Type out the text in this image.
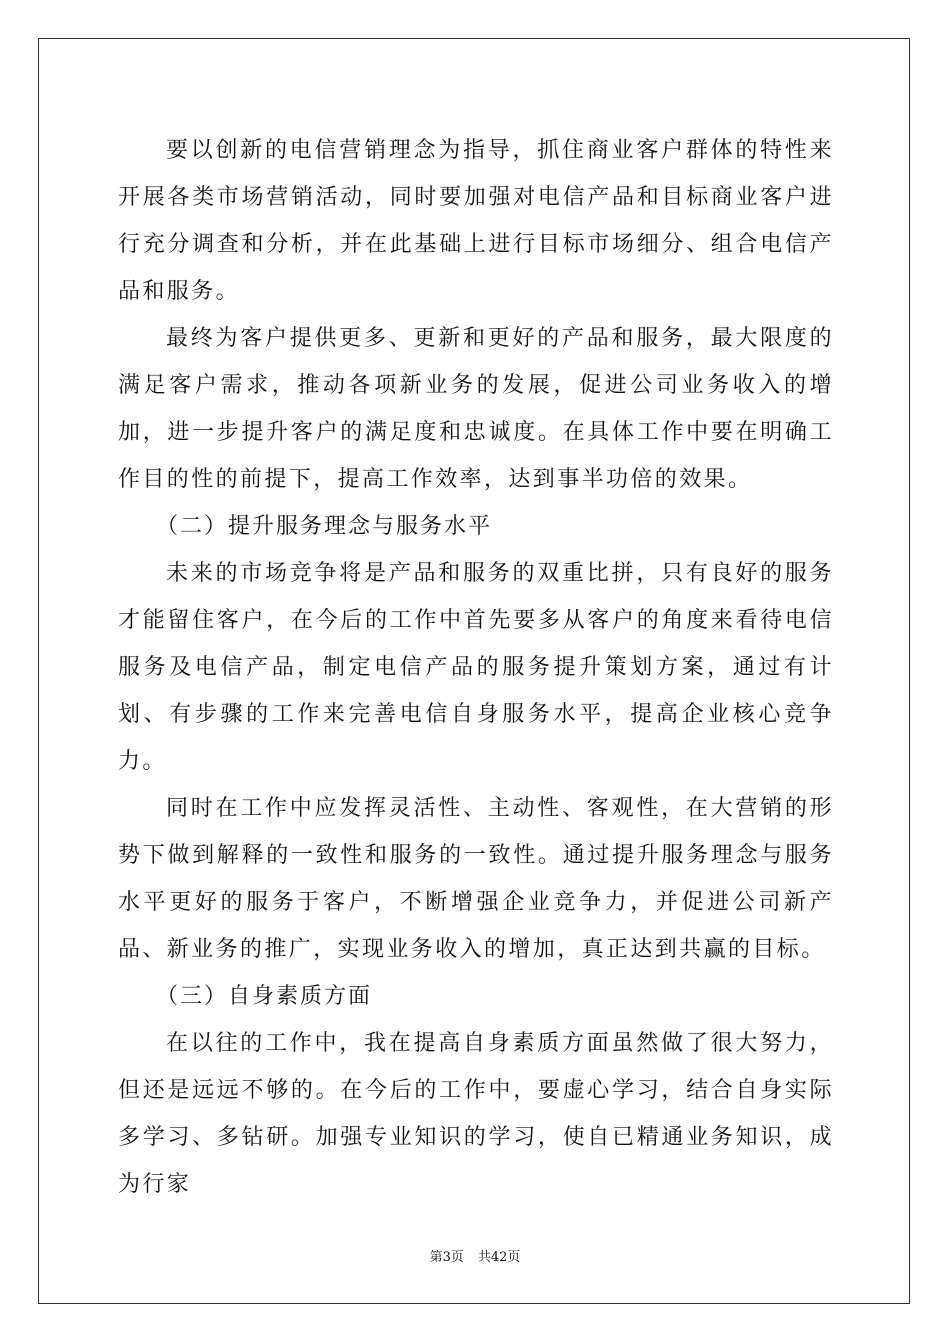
要以创新的电信营销理念为指导，抓住商业客户群体的特性来开展各类市场营销活动，同时要加强对电信产品和目标商业客户进行充分调查和分析，并在此基础上进行目标市场细分、组合电信产品和服务。

最终为客户提供更多、更新和更好的产品和服务，最大限度的满足客户需求，推动各项新业务的发展，促进公司业务收入的增加，进一步提升客户的满足度和忠诚度。在具体工作中要在明确工作目的性的前提下，提高工作效率，达到事半功倍的效果。

（二）提升服务理念与服务水平

未来的市场竞争将是产品和服务的双重比拼，只有良好的服务才能留住客户，在今后的工作中首先要多从客户的角度来看待电信服务及电信产品，制定电信产品的服务提升策划方案，通过有计划、有步骤的工作来完善电信自身服务水平，提高企业核心竞争力。

同时在工作中应发挥灵活性、主动性、客观性，在大营销的形势下做到解释的一致性和服务的一致性。通过提升服务理念与服务水平更好的服务于客户，不断增强企业竞争力，并促进公司新产品、新业务的推广，实现业务收入的增加，真正达到共赢的目标。

（三）自身素质方面

在以往的工作中，我在提高自身素质方面虽然做了很大努力，但还是远远不够的。在今后的工作中，要虚心学习，结合自身实际多学习、多钻研。加强专业知识的学习，使自已精通业务知识，成为行家

第3页 共42页
